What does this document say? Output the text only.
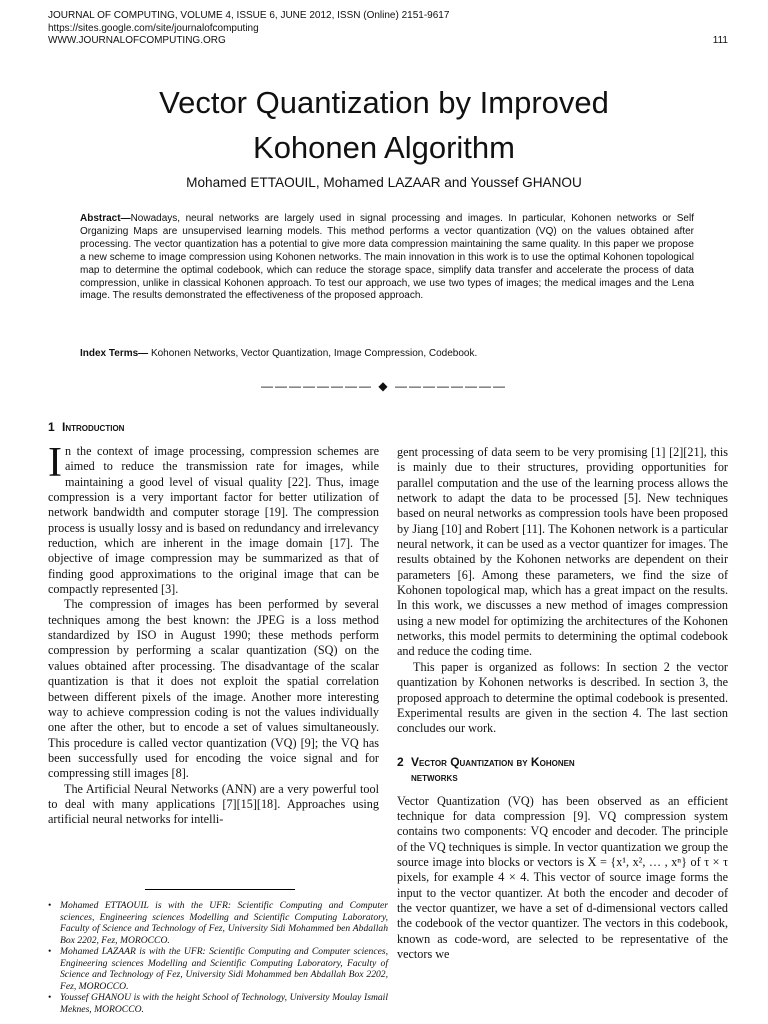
JOURNAL OF COMPUTING, VOLUME 4, ISSUE 6, JUNE 2012, ISSN (Online) 2151-9617
https://sites.google.com/site/journalofcomputing
WWW.JOURNALOFCOMPUTING.ORG	111
Vector Quantization by Improved
Kohonen Algorithm
Mohamed ETTAOUIL, Mohamed LAZAAR and Youssef GHANOU

Abstract—Nowadays, neural networks are largely used in signal processing and images. In particular, Kohonen networks or Self Organizing Maps are unsupervised learning models. This method performs a vector quantization (VQ) on the values obtained after processing. The vector quantization has a potential to give more data compression maintaining the same quality. In this paper we propose a new scheme to image compression using Kohonen networks. The main innovation in this work is to use the optimal Kohonen topological map to determine the optimal codebook, which can reduce the storage space, simplify data transfer and accelerate the process of data compression, unlike in classical Kohonen approach. To test our approach, we use two types of images; the medical images and the Lena image. The results demonstrated the effectiveness of the proposed approach.

Index Terms— Kohonen Networks, Vector Quantization, Image Compression, Codebook.

———————— ◆ ————————
1 Introduction

In the context of image processing, compression schemes are aimed to reduce the transmission rate for images, while maintaining a good level of visual quality [22]. Thus, image compression is a very important factor for better utilization of network bandwidth and computer storage [19]. The compression process is usually lossy and is based on redundancy and irrelevancy reduction, which are inherent in the image domain [17]. The objective of image compression may be summarized as that of finding good approximations to the original image that can be compactly represented [3].

The compression of images has been performed by several techniques among the best known: the JPEG is a loss method standardized by ISO in August 1990; these methods perform compression by performing a scalar quantization (SQ) on the values obtained after processing. The disadvantage of the scalar quantization is that it does not exploit the spatial correlation between different pixels of the image. Another more interesting way to achieve compression coding is not the values individually one after the other, but to encode a set of values simultaneously. This procedure is called vector quantization (VQ) [9]; the VQ has been successfully used for encoding the voice signal and for compressing still images [8].

The Artificial Neural Networks (ANN) are a very powerful tool to deal with many applications [7][15][18]. Approaches using artificial neural networks for intelli-

gent processing of data seem to be very promising [1] [2][21], this is mainly due to their structures, providing opportunities for parallel computation and the use of the learning process allows the network to adapt the data to be processed [5]. New techniques based on neural networks as compression tools have been proposed by Jiang [10] and Robert [11]. The Kohonen network is a particular neural network, it can be used as a vector quantizer for images. The results obtained by the Kohonen networks are dependent on their parameters [6]. Among these parameters, we find the size of Kohonen topological map, which has a great impact on the results. In this work, we discusses a new method of images compression using a new model for optimizing the architectures of the Kohonen networks, this model permits to determining the optimal codebook and reduce the coding time.

This paper is organized as follows: In section 2 the vector quantization by Kohonen networks is described. In section 3, the proposed approach to determine the optimal codebook is presented. Experimental results are given in the section 4. The last section concludes our work.

2 Vector Quantization by Kohonen
networks

Vector Quantization (VQ) has been observed as an efficient technique for data compression [9]. VQ compression system contains two components: VQ encoder and decoder. The principle of the VQ techniques is simple. In vector quantization we group the source image into blocks or vectors is X = {x¹, x², … , xⁿ} of τ × τ pixels, for example 4 × 4. This vector of source image forms the input to the vector quantizer. At both the encoder and decoder of the vector quantizer, we have a set of d-dimensional vectors called the codebook of the vector quantizer. The vectors in this codebook, known as code-word, are selected to be representative of the vectors we

• Mohamed ETTAOUIL is with the UFR: Scientific Computing and Computer sciences, Engineering sciences Modelling and Scientific Computing Laboratory, Faculty of Science and Technology of Fez, University Sidi Mohammed ben Abdallah Box 2202, Fez, MOROCCO.
• Mohamed LAZAAR is with the UFR: Scientific Computing and Computer sciences, Engineering sciences Modelling and Scientific Computing Laboratory, Faculty of Science and Technology of Fez, University Sidi Mohammed ben Abdallah Box 2202, Fez, MOROCCO.
• Youssef GHANOU is with the height School of Technology, University Moulay Ismail Meknes, MOROCCO.
